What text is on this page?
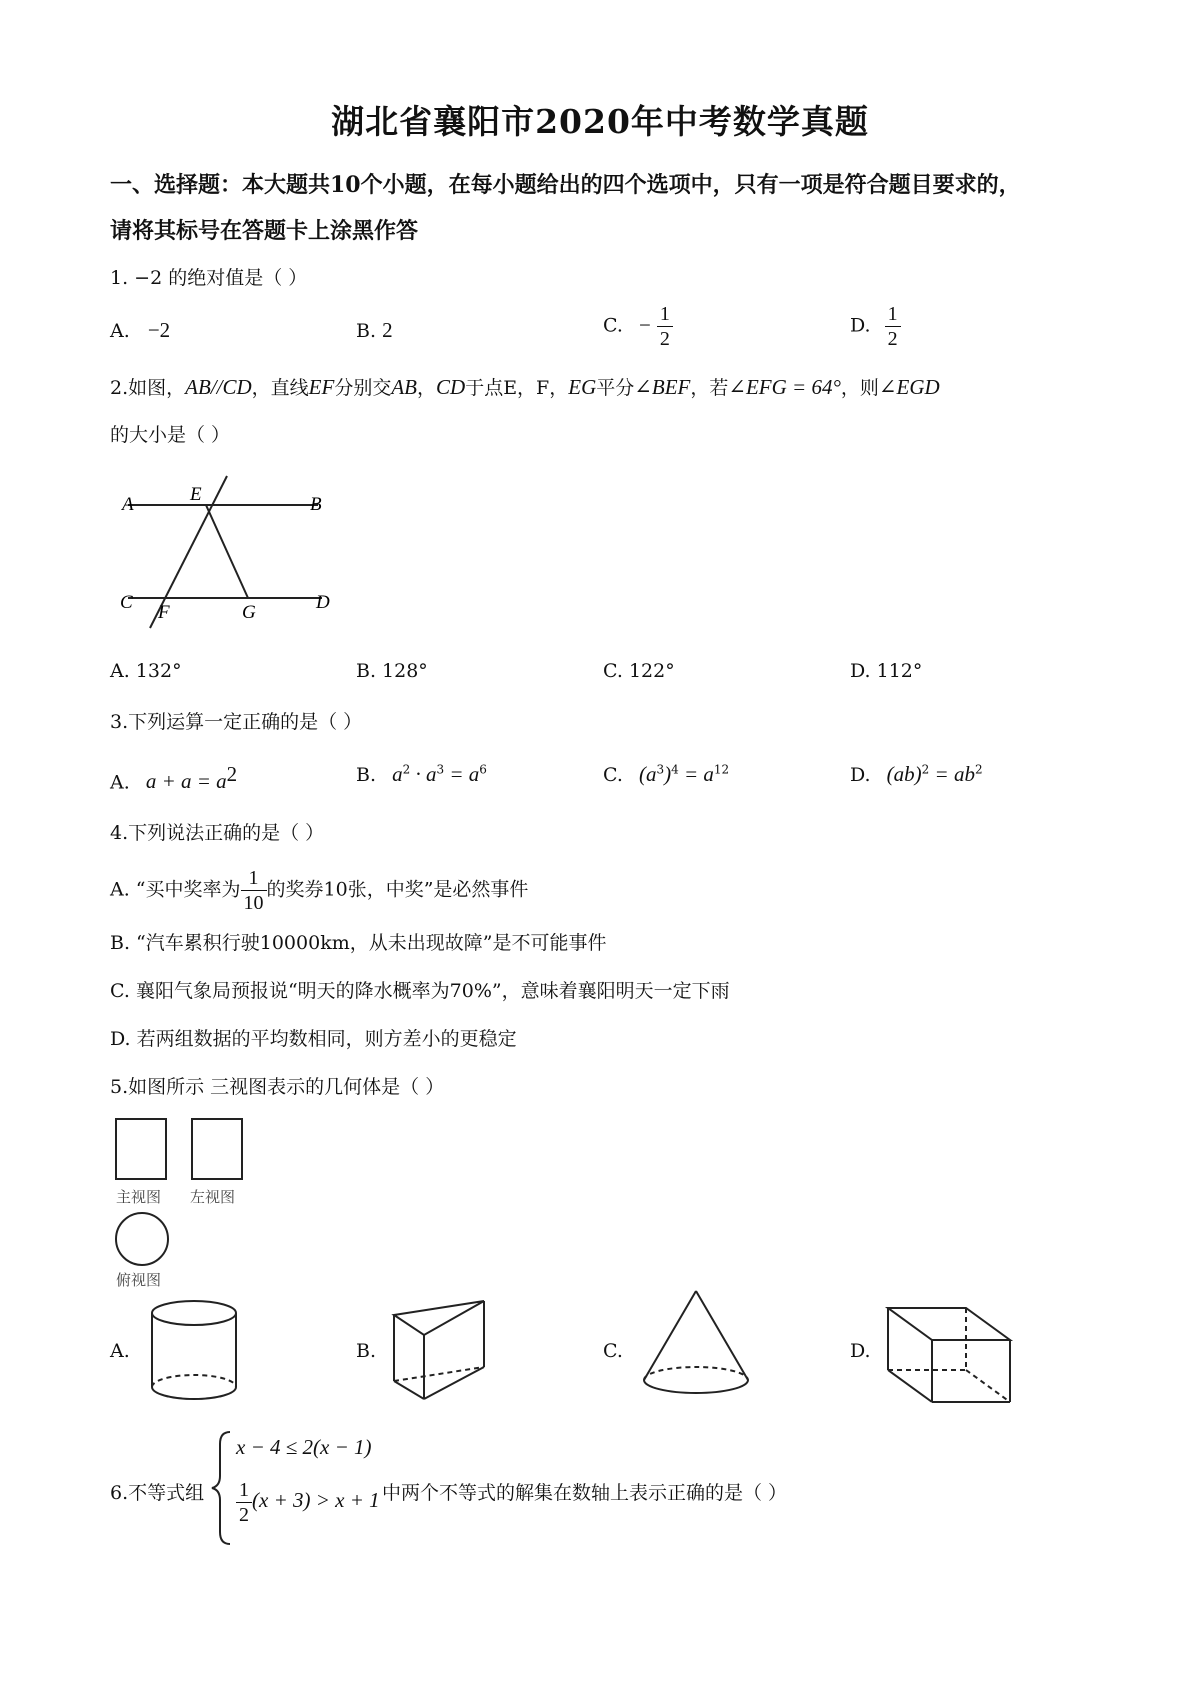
湖北省襄阳市2020年中考数学真题
一、选择题：本大题共10个小题，在每小题给出的四个选项中，只有一项是符合题目要求的，
请将其标号在答题卡上涂黑作答
1. −2 的绝对值是（ ）
A. −2	B. 2	C. − $\frac{1}{2}$	D. $\frac{1}{2}$
2.如图，AB//CD，直线EF分别交AB，CD于点E，F，EG平分∠BEF，若∠EFG = 64°，则∠EGD
的大小是（ ）
A	E	B
C F	G	D
A. 132°	B. 128°	C. 122°	D. 112°
3.下列运算一定正确的是（ ）
A. $a + a = a^2$	B. $a^2 \cdot a^3 = a^6$	C. $(a^3)^4 = a^{12}$	D. $(ab)^2 = ab^2$
4.下列说法正确的是（ ）
A. “买中奖率为 $\frac{1}{10}$ 的奖券10张，中奖”是必然事件
B. “汽车累积行驶10000km，从未出现故障”是不可能事件
C. 襄阳气象局预报说“明天的降水概率为70%”，意味着襄阳明天一定下雨
D. 若两组数据的平均数相同，则方差小的更稳定
5.如图所示 三视图表示的几何体是（ ）
主视图 左视图
俯视图
A.	B.	C.	D.
6.不等式组
x − 4 ≤ 2(x − 1)
$\frac{1}{2} (x + 3) > x + 1$ 中两个不等式的解集在数轴上表示正确的是（ ）
